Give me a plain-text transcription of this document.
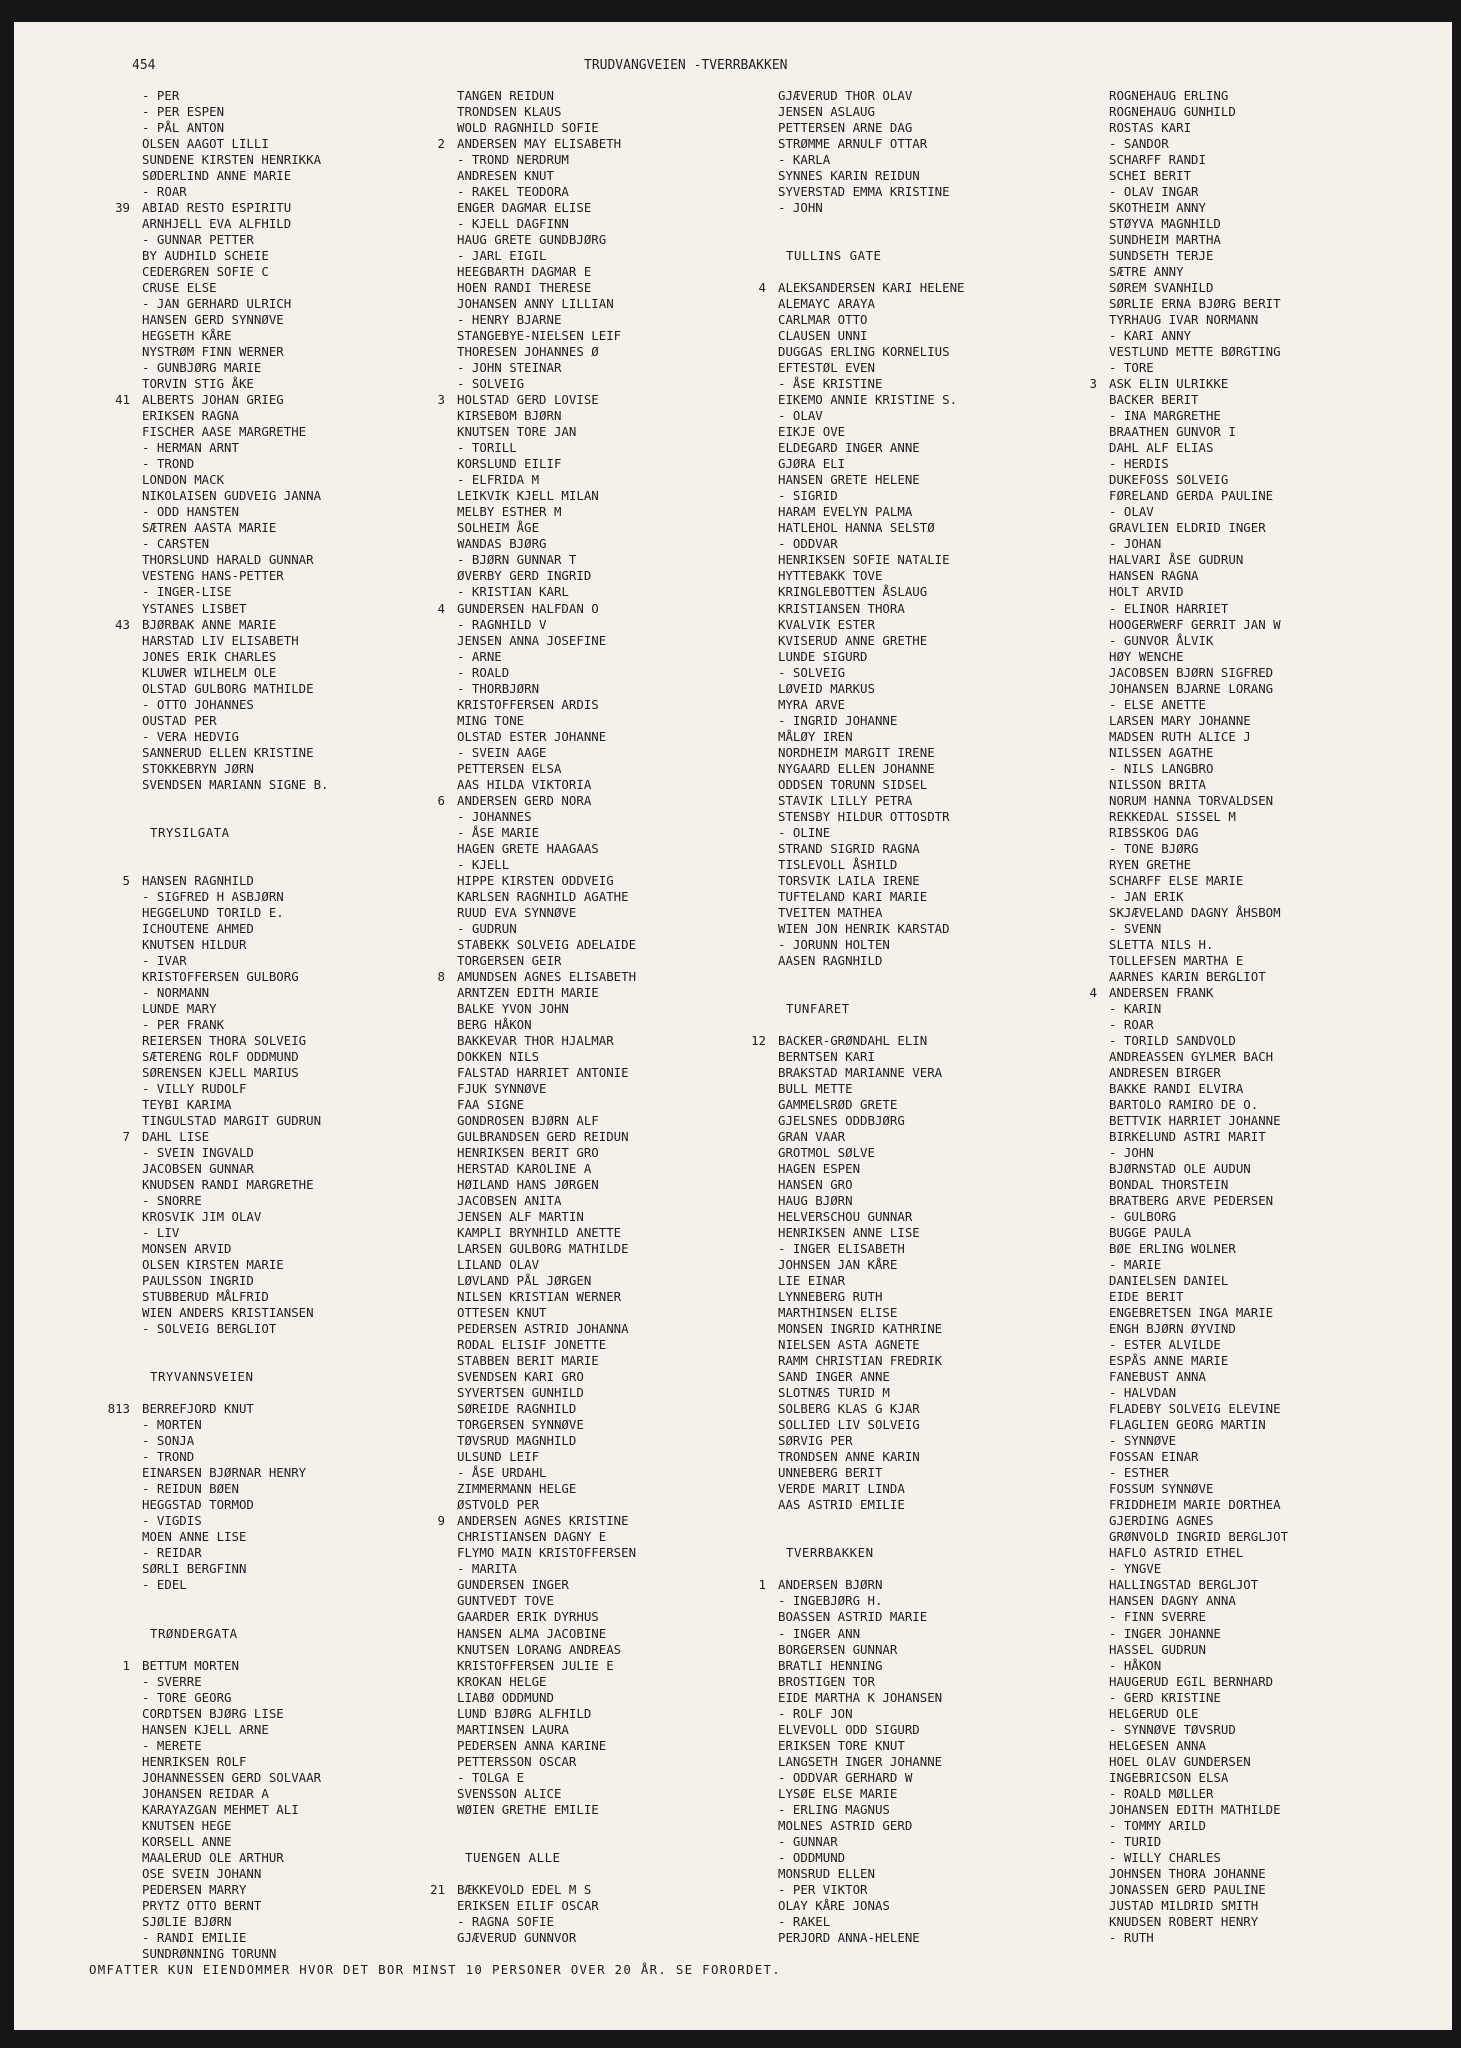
454	TRUDVANGVEIEN -TVERRBAKKEN
- PER
- PER ESPEN
- PÅL ANTON
OLSEN AAGOT LILLI
SUNDENE KIRSTEN HENRIKKA
SØDERLIND ANNE MARIE
- ROAR
39 ABIAD RESTO ESPIRITU
ARNHJELL EVA ALFHILD
- GUNNAR PETTER
BY AUDHILD SCHEIE
CEDERGREN SOFIE C
CRUSE ELSE
- JAN GERHARD ULRICH
HANSEN GERD SYNNØVE
HEGSETH KÅRE
NYSTRØM FINN WERNER
- GUNBJØRG MARIE
TORVIN STIG ÅKE
41 ALBERTS JOHAN GRIEG
ERIKSEN RAGNA
FISCHER AASE MARGRETHE
- HERMAN ARNT
- TROND
LONDON MACK
NIKOLAISEN GUDVEIG JANNA
- ODD HANSTEN
SÆTREN AASTA MARIE
- CARSTEN
THORSLUND HARALD GUNNAR
VESTENG HANS-PETTER
- INGER-LISE
YSTANES LISBET
43 BJØRBAK ANNE MARIE
HARSTAD LIV ELISABETH
JONES ERIK CHARLES
KLUWER WILHELM OLE
OLSTAD GULBORG MATHILDE
- OTTO JOHANNES
OUSTAD PER
- VERA HEDVIG
SANNERUD ELLEN KRISTINE
STOKKEBRYN JØRN
SVENDSEN MARIANN SIGNE B.
TRYSILGATA
5 HANSEN RAGNHILD
- SIGFRED H ASBJØRN
HEGGELUND TORILD E.
ICHOUTENE AHMED
KNUTSEN HILDUR
- IVAR
KRISTOFFERSEN GULBORG
- NORMANN
LUNDE MARY
- PER FRANK
REIERSEN THORA SOLVEIG
SÆTERENG ROLF ODDMUND
SØRENSEN KJELL MARIUS
- VILLY RUDOLF
TEYBI KARIMA
TINGULSTAD MARGIT GUDRUN
7 DAHL LISE
- SVEIN INGVALD
JACOBSEN GUNNAR
KNUDSEN RANDI MARGRETHE
- SNORRE
KROSVIK JIM OLAV
- LIV
MONSEN ARVID
OLSEN KIRSTEN MARIE
PAULSSON INGRID
STUBBERUD MÅLFRID
WIEN ANDERS KRISTIANSEN
- SOLVEIG BERGLIOT
TRYVANNSVEIEN
813 BERREFJORD KNUT
- MORTEN
- SONJA
- TROND
EINARSEN BJØRNAR HENRY
- REIDUN BØEN
HEGGSTAD TORMOD
- VIGDIS
MOEN ANNE LISE
- REIDAR
SØRLI BERGFINN
- EDEL
TRØNDERGATA
1 BETTUM MORTEN
- SVERRE
- TORE GEORG
CORDTSEN BJØRG LISE
HANSEN KJELL ARNE
- MERETE
HENRIKSEN ROLF
JOHANNESSEN GERD SOLVAAR
JOHANSEN REIDAR A
KARAYAZGAN MEHMET ALI
KNUTSEN HEGE
KORSELL ANNE
MAALERUD OLE ARTHUR
OSE SVEIN JOHANN
PEDERSEN MARRY
PRYTZ OTTO BERNT
SJØLIE BJØRN
- RANDI EMILIE
SUNDRØNNING TORUNN
TANGEN REIDUN
TRONDSEN KLAUS
WOLD RAGNHILD SOFIE
2 ANDERSEN MAY ELISABETH
- TROND NERDRUM
ANDRESEN KNUT
- RAKEL TEODORA
ENGER DAGMAR ELISE
- KJELL DAGFINN
HAUG GRETE GUNDBJØRG
- JARL EIGIL
HEEGBARTH DAGMAR E
HOEN RANDI THERESE
JOHANSEN ANNY LILLIAN
- HENRY BJARNE
STANGEBYE-NIELSEN LEIF
THORESEN JOHANNES Ø
- JOHN STEINAR
- SOLVEIG
3 HOLSTAD GERD LOVISE
KIRSEBOM BJØRN
KNUTSEN TORE JAN
- TORILL
KORSLUND EILIF
- ELFRIDA M
LEIKVIK KJELL MILAN
MELBY ESTHER M
SOLHEIM ÅGE
WANDAS BJØRG
- BJØRN GUNNAR T
ØVERBY GERD INGRID
- KRISTIAN KARL
4 GUNDERSEN HALFDAN O
- RAGNHILD V
JENSEN ANNA JOSEFINE
- ARNE
- ROALD
- THORBJØRN
KRISTOFFERSEN ARDIS
MING TONE
OLSTAD ESTER JOHANNE
- SVEIN AAGE
PETTERSEN ELSA
AAS HILDA VIKTORIA
6 ANDERSEN GERD NORA
- JOHANNES
- ÅSE MARIE
HAGEN GRETE HAAGAAS
- KJELL
HIPPE KIRSTEN ODDVEIG
KARLSEN RAGNHILD AGATHE
RUUD EVA SYNNØVE
- GUDRUN
STABEKK SOLVEIG ADELAIDE
TORGERSEN GEIR
8 AMUNDSEN AGNES ELISABETH
ARNTZEN EDITH MARIE
BALKE YVON JOHN
BERG HÅKON
BAKKEVAR THOR HJALMAR
DOKKEN NILS
FALSTAD HARRIET ANTONIE
FJUK SYNNØVE
FAA SIGNE
GONDROSEN BJØRN ALF
GULBRANDSEN GERD REIDUN
HENRIKSEN BERIT GRO
HERSTAD KAROLINE A
HØILAND HANS JØRGEN
JACOBSEN ANITA
JENSEN ALF MARTIN
KAMPLI BRYNHILD ANETTE
LARSEN GULBORG MATHILDE
LILAND OLAV
LØVLAND PÅL JØRGEN
NILSEN KRISTIAN WERNER
OTTESEN KNUT
PEDERSEN ASTRID JOHANNA
RODAL ELISIF JONETTE
STABBEN BERIT MARIE
SVENDSEN KARI GRO
SYVERTSEN GUNHILD
SØREIDE RAGNHILD
TORGERSEN SYNNØVE
TØVSRUD MAGNHILD
ULSUND LEIF
- ÅSE URDAHL
ZIMMERMANN HELGE
ØSTVOLD PER
9 ANDERSEN AGNES KRISTINE
CHRISTIANSEN DAGNY E
FLYMO MAIN KRISTOFFERSEN
- MARITA
GUNDERSEN INGER
GUNTVEDT TOVE
GAARDER ERIK DYRHUS
HANSEN ALMA JACOBINE
KNUTSEN LORANG ANDREAS
KRISTOFFERSEN JULIE E
KROKAN HELGE
LIABØ ODDMUND
LUND BJØRG ALFHILD
MARTINSEN LAURA
PEDERSEN ANNA KARINE
PETTERSSON OSCAR
- TOLGA E
SVENSSON ALICE
WØIEN GRETHE EMILIE
TUENGEN ALLE
21 BÆKKEVOLD EDEL M S
ERIKSEN EILIF OSCAR
- RAGNA SOFIE
GJÆVERUD GUNNVOR
GJÆVERUD THOR OLAV
JENSEN ASLAUG
PETTERSEN ARNE DAG
STRØMME ARNULF OTTAR
- KARLA
SYNNES KARIN REIDUN
SYVERSTAD EMMA KRISTINE
- JOHN
TULLINS GATE
4 ALEKSANDERSEN KARI HELENE
ALEMAYC ARAYA
CARLMAR OTTO
CLAUSEN UNNI
DUGGAS ERLING KORNELIUS
EFTESTØL EVEN
- ÅSE KRISTINE
EIKEMO ANNIE KRISTINE S.
- OLAV
EIKJE OVE
ELDEGARD INGER ANNE
GJØRA ELI
HANSEN GRETE HELENE
- SIGRID
HARAM EVELYN PALMA
HATLEHOL HANNA SELSTØ
- ODDVAR
HENRIKSEN SOFIE NATALIE
HYTTEBAKK TOVE
KRINGLEBOTTEN ÅSLAUG
KRISTIANSEN THORA
KVALVIK ESTER
KVISERUD ANNE GRETHE
LUNDE SIGURD
- SOLVEIG
LØVEID MARKUS
MYRA ARVE
- INGRID JOHANNE
MÅLØY IREN
NORDHEIM MARGIT IRENE
NYGAARD ELLEN JOHANNE
ODDSEN TORUNN SIDSEL
STAVIK LILLY PETRA
STENSBY HILDUR OTTOSDTR
- OLINE
STRAND SIGRID RAGNA
TISLEVOLL ÅSHILD
TORSVIK LAILA IRENE
TUFTELAND KARI MARIE
TVEITEN MATHEA
WIEN JON HENRIK KARSTAD
- JORUNN HOLTEN
AASEN RAGNHILD
TUNFARET
12 BACKER-GRØNDAHL ELIN
BERNTSEN KARI
BRAKSTAD MARIANNE VERA
BULL METTE
GAMMELSRØD GRETE
GJELSNES ODDBJØRG
GRAN VAAR
GROTMOL SØLVE
HAGEN ESPEN
HANSEN GRO
HAUG BJØRN
HELVERSCHOU GUNNAR
HENRIKSEN ANNE LISE
- INGER ELISABETH
JOHNSEN JAN KÅRE
LIE EINAR
LYNNEBERG RUTH
MARTHINSEN ELISE
MONSEN INGRID KATHRINE
NIELSEN ASTA AGNETE
RAMM CHRISTIAN FREDRIK
SAND INGER ANNE
SLOTNÆS TURID M
SOLBERG KLAS G KJAR
SOLLIED LIV SOLVEIG
SØRVIG PER
TRONDSEN ANNE KARIN
UNNEBERG BERIT
VERDE MARIT LINDA
AAS ASTRID EMILIE
TVERRBAKKEN
1 ANDERSEN BJØRN
- INGEBJØRG H.
BOASSEN ASTRID MARIE
- INGER ANN
BORGERSEN GUNNAR
BRATLI HENNING
BROSTIGEN TOR
EIDE MARTHA K JOHANSEN
- ROLF JON
ELVEVOLL ODD SIGURD
ERIKSEN TORE KNUT
LANGSETH INGER JOHANNE
- ODDVAR GERHARD W
LYSØE ELSE MARIE
- ERLING MAGNUS
MOLNES ASTRID GERD
- GUNNAR
- ODDMUND
MONSRUD ELLEN
- PER VIKTOR
OLAY KÅRE JONAS
- RAKEL
PERJORD ANNA-HELENE
ROGNEHAUG ERLING
ROGNEHAUG GUNHILD
ROSTAS KARI
- SANDOR
SCHARFF RANDI
SCHEI BERIT
- OLAV INGAR
SKOTHEIM ANNY
STØYVA MAGNHILD
SUNDHEIM MARTHA
SUNDSETH TERJE
SÆTRE ANNY
SØREM SVANHILD
SØRLIE ERNA BJØRG BERIT
TYRHAUG IVAR NORMANN
- KARI ANNY
VESTLUND METTE BØRGTING
- TORE
3 ASK ELIN ULRIKKE
BACKER BERIT
- INA MARGRETHE
BRAATHEN GUNVOR I
DAHL ALF ELIAS
- HERDIS
DUKEFOSS SOLVEIG
FØRELAND GERDA PAULINE
- OLAV
GRAVLIEN ELDRID INGER
- JOHAN
HALVARI ÅSE GUDRUN
HANSEN RAGNA
HOLT ARVID
- ELINOR HARRIET
HOOGERWERF GERRIT JAN W
- GUNVOR ÅLVIK
HØY WENCHE
JACOBSEN BJØRN SIGFRED
JOHANSEN BJARNE LORANG
- ELSE ANETTE
LARSEN MARY JOHANNE
MADSEN RUTH ALICE J
NILSSEN AGATHE
- NILS LANGBRO
NILSSON BRITA
NORUM HANNA TORVALDSEN
REKKEDAL SISSEL M
RIBSSKOG DAG
- TONE BJØRG
RYEN GRETHE
SCHARFF ELSE MARIE
- JAN ERIK
SKJÆVELAND DAGNY ÅHSBOM
- SVENN
SLETTA NILS H.
TOLLEFSEN MARTHA E
AARNES KARIN BERGLIOT
4 ANDERSEN FRANK
- KARIN
- ROAR
- TORILD SANDVOLD
ANDREASSEN GYLMER BACH
ANDRESEN BIRGER
BAKKE RANDI ELVIRA
BARTOLO RAMIRO DE O.
BETTVIK HARRIET JOHANNE
BIRKELUND ASTRI MARIT
- JOHN
BJØRNSTAD OLE AUDUN
BONDAL THORSTEIN
BRATBERG ARVE PEDERSEN
- GULBORG
BUGGE PAULA
BØE ERLING WOLNER
- MARIE
DANIELSEN DANIEL
EIDE BERIT
ENGEBRETSEN INGA MARIE
ENGH BJØRN ØYVIND
- ESTER ALVILDE
ESPÅS ANNE MARIE
FANEBUST ANNA
- HALVDAN
FLADEBY SOLVEIG ELEVINE
FLAGLIEN GEORG MARTIN
- SYNNØVE
FOSSAN EINAR
- ESTHER
FOSSUM SYNNØVE
FRIDDHEIM MARIE DORTHEA
GJERDING AGNES
GRØNVOLD INGRID BERGLJOT
HAFLO ASTRID ETHEL
- YNGVE
HALLINGSTAD BERGLJOT
HANSEN DAGNY ANNA
- FINN SVERRE
- INGER JOHANNE
HASSEL GUDRUN
- HÅKON
HAUGERUD EGIL BERNHARD
- GERD KRISTINE
HELGERUD OLE
- SYNNØVE TØVSRUD
HELGESEN ANNA
HOEL OLAV GUNDERSEN
INGEBRICSON ELSA
- ROALD MØLLER
JOHANSEN EDITH MATHILDE
- TOMMY ARILD
- TURID
- WILLY CHARLES
JOHNSEN THORA JOHANNE
JONASSEN GERD PAULINE
JUSTAD MILDRID SMITH
KNUDSEN ROBERT HENRY
- RUTH
OMFATTER KUN EIENDOMMER HVOR DET BOR MINST 10 PERSONER OVER 20 ÅR. SE FORORDET.
